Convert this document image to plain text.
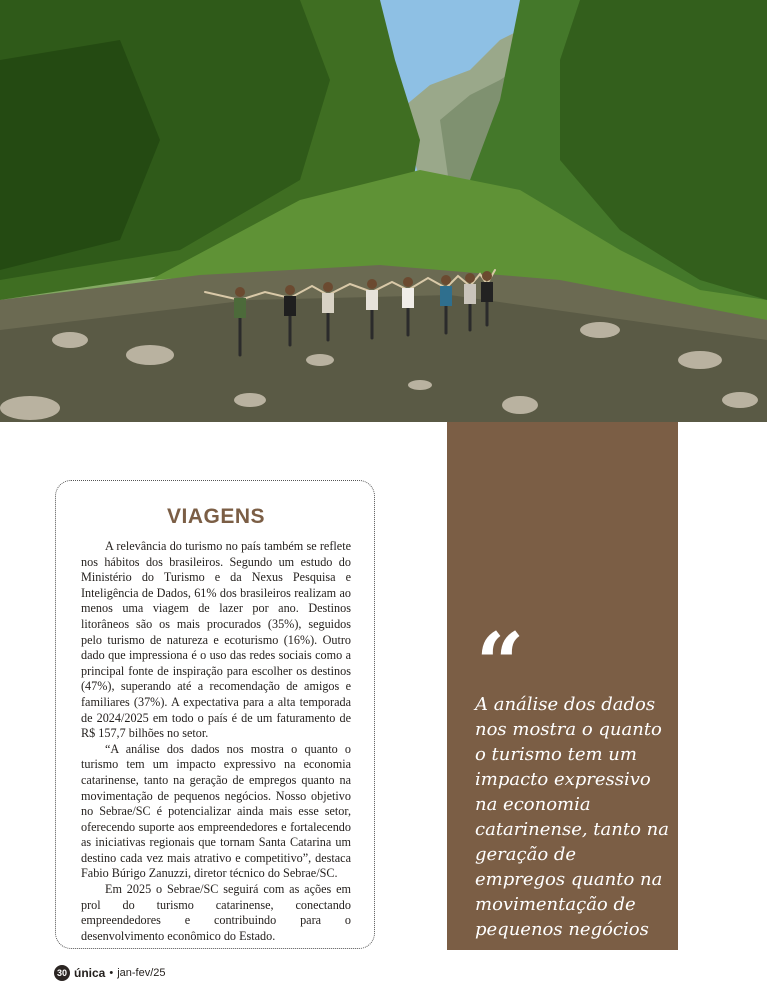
VIAGENS

A relevância do turismo no país também se reflete nos hábitos dos brasileiros. Segundo um estudo do Ministério do Turismo e da Nexus Pesquisa e Inteligência de Dados, 61% dos brasileiros realizam ao menos uma viagem de lazer por ano. Destinos litorâneos são os mais procurados (35%), seguidos pelo turismo de natureza e ecoturismo (16%). Outro dado que impressiona é o uso das redes sociais como a principal fonte de inspiração para escolher os destinos (47%), superando até a recomendação de amigos e familiares (37%). A expectativa para a alta temporada de 2024/2025 em todo o país é de um faturamento de R$ 157,7 bilhões no setor.

“A análise dos dados nos mostra o quanto o turismo tem um impacto expressivo na economia catarinense, tanto na geração de empregos quanto na movimentação de pequenos negócios. Nosso objetivo no Sebrae/SC é potencializar ainda mais esse setor, oferecendo suporte aos empreendedores e fortalecendo as iniciativas regionais que tornam Santa Catarina um destino cada vez mais atrativo e competitivo”, destaca Fabio Búrigo Zanuzzi, diretor técnico do Sebrae/SC.

Em 2025 o Sebrae/SC seguirá com as ações em prol do turismo catarinense, conectando empreendedores e contribuindo para o desenvolvimento econômico do Estado.

“

A análise dos dados nos mostra o quanto o turismo tem um impacto expressivo na economia catarinense, tanto na geração de empregos quanto na movimentação de pequenos negócios

30 única • jan-fev/25
